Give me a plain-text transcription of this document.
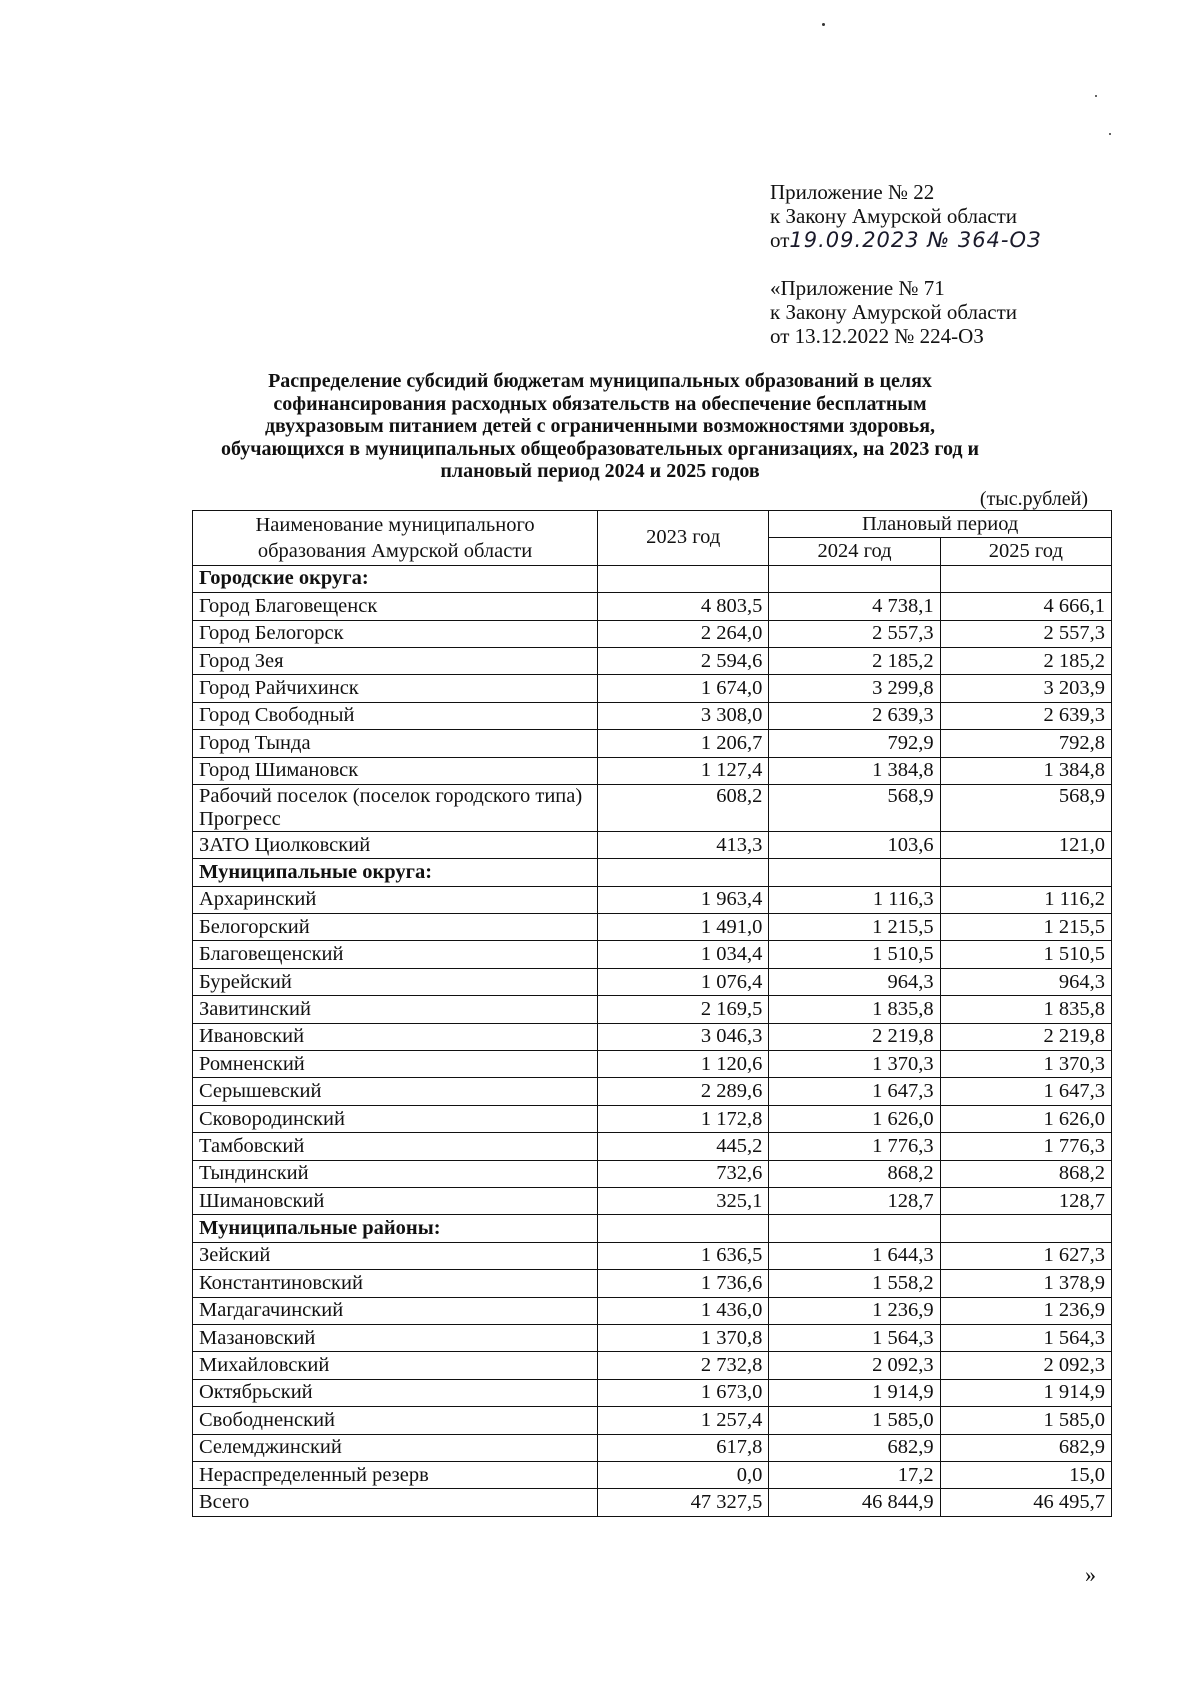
Приложение № 22
к Закону Амурской области
от19.09.2023 № 364-ОЗ
«Приложение № 71
к Закону Амурской области
от 13.12.2022 № 224-ОЗ
Распределение субсидий бюджетам муниципальных образований в целях
софинансирования расходных обязательств на обеспечение бесплатным
двухразовым питанием детей с ограниченными возможностями здоровья,
обучающихся в муниципальных общеобразовательных организациях, на 2023 год и
плановый период 2024 и 2025 годов
(тыс.рублей)
Наименование муниципального образования Амурской области	2023 год	Плановый период	
		2024 год	2025 год
Городские округа:			
Город Благовещенск	4 803,5	4 738,1	4 666,1
Город Белогорск	2 264,0	2 557,3	2 557,3
Город Зея	2 594,6	2 185,2	2 185,2
Город Райчихинск	1 674,0	3 299,8	3 203,9
Город Свободный	3 308,0	2 639,3	2 639,3
Город Тында	1 206,7	792,9	792,8
Город Шимановск	1 127,4	1 384,8	1 384,8
Рабочий поселок (поселок городского типа) Прогресс	608,2	568,9	568,9
ЗАТО Циолковский	413,3	103,6	121,0
Муниципальные округа:			
Архаринский	1 963,4	1 116,3	1 116,2
Белогорский	1 491,0	1 215,5	1 215,5
Благовещенский	1 034,4	1 510,5	1 510,5
Бурейский	1 076,4	964,3	964,3
Завитинский	2 169,5	1 835,8	1 835,8
Ивановский	3 046,3	2 219,8	2 219,8
Ромненский	1 120,6	1 370,3	1 370,3
Серышевский	2 289,6	1 647,3	1 647,3
Сковородинский	1 172,8	1 626,0	1 626,0
Тамбовский	445,2	1 776,3	1 776,3
Тындинский	732,6	868,2	868,2
Шимановский	325,1	128,7	128,7
Муниципальные районы:			
Зейский	1 636,5	1 644,3	1 627,3
Константиновский	1 736,6	1 558,2	1 378,9
Магдагачинский	1 436,0	1 236,9	1 236,9
Мазановский	1 370,8	1 564,3	1 564,3
Михайловский	2 732,8	2 092,3	2 092,3
Октябрьский	1 673,0	1 914,9	1 914,9
Свободненский	1 257,4	1 585,0	1 585,0
Селемджинский	617,8	682,9	682,9
Нераспределенный резерв	0,0	17,2	15,0
Всего	47 327,5	46 844,9	46 495,7
»
